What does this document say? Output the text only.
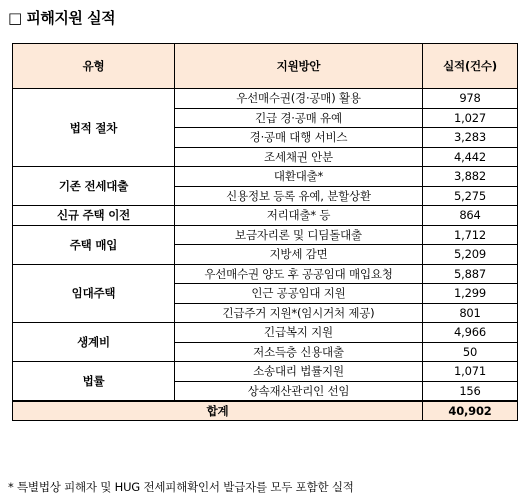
□ 피해지원 실적
유형	지원방안	실적(건수)
법적 절차	우선매수권(경·공매) 활용	978
	긴급 경·공매 유예	1,027
	경·공매 대행 서비스	3,283
	조세채권 안분	4,442
기존 전세대출	대환대출*	3,882
	신용정보 등록 유예, 분할상환	5,275
신규 주택 이전	저리대출* 등	864
주택 매입	보금자리론 및 디딤돌대출	1,712
	지방세 감면	5,209
임대주택	우선매수권 양도 후 공공임대 매입요청	5,887
	인근 공공임대 지원	1,299
	긴급주거 지원*(임시거처 제공)	801
생계비	긴급복지 지원	4,966
	저소득층 신용대출	50
법률	소송대리 법률지원	1,071
	상속재산관리인 선임	156
합계		40,902
* 특별법상 피해자 및 HUG 전세피해확인서 발급자를 모두 포함한 실적
